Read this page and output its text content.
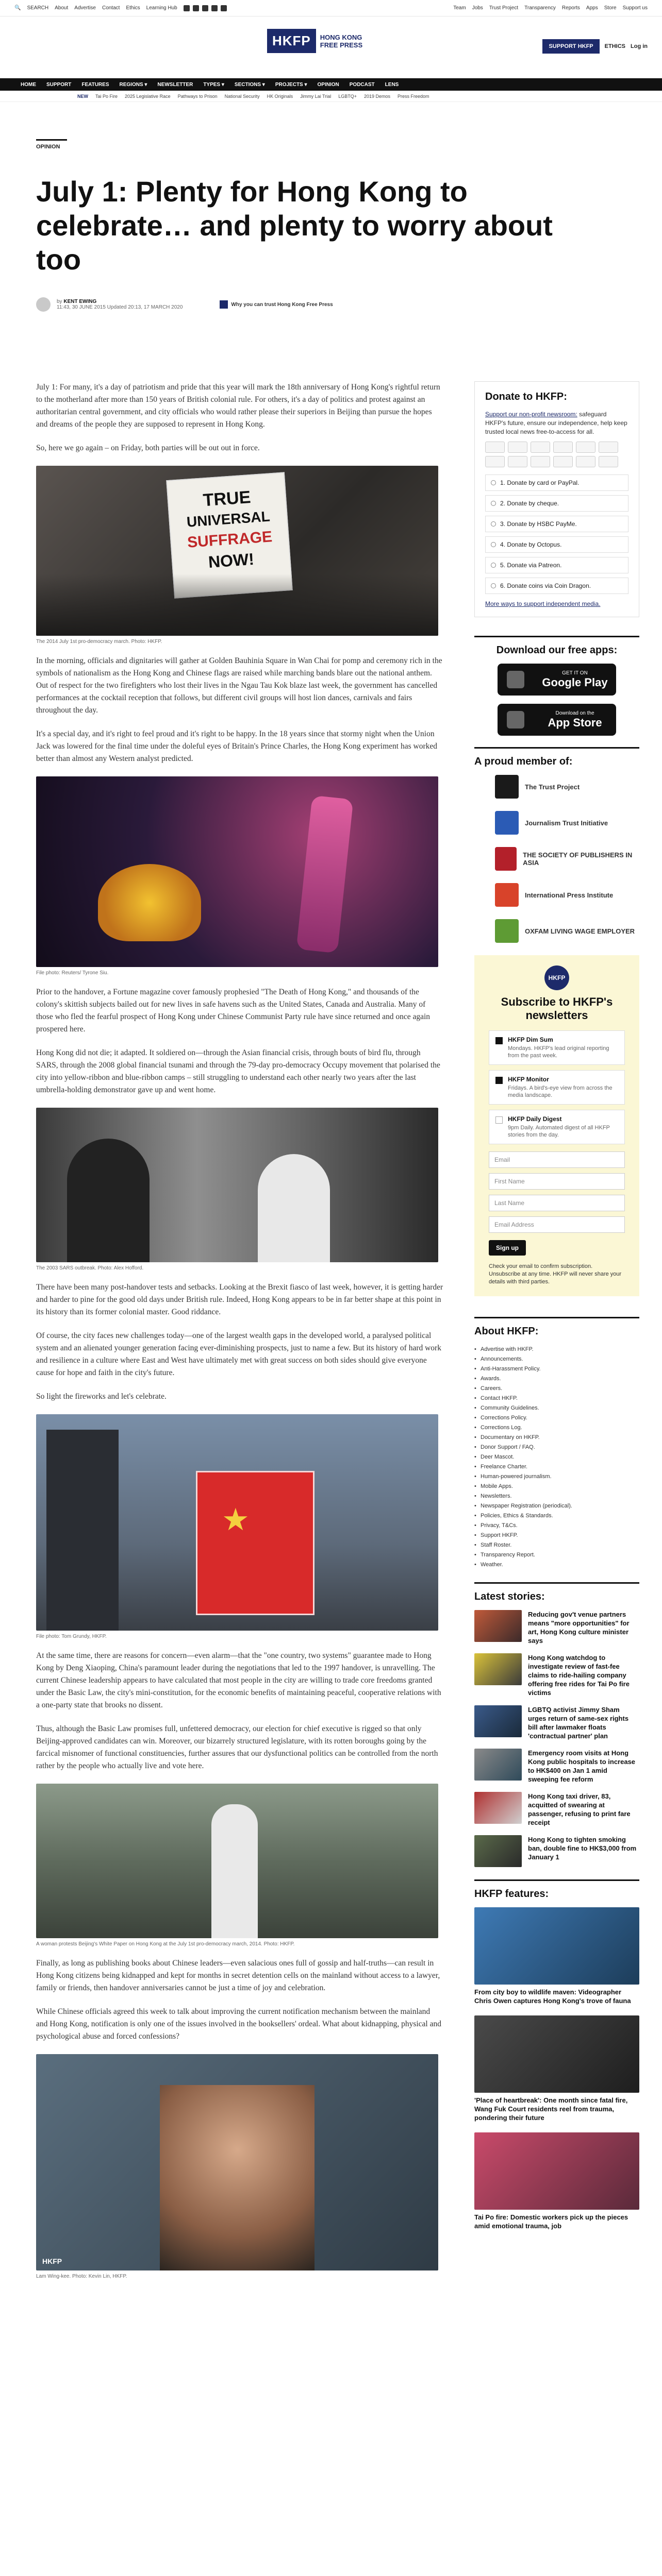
🔍 SEARCH About Advertise Contact Ethics Learning Hub	Team Jobs Trust Project Transparency Reports Apps Store Support us
HKFP	HONG KONG
FREE PRESS	SUPPORT HKFP	ETHICS Log in
HOME SUPPORT FEATURES REGIONS ▾ NEWSLETTER TYPES ▾ SECTIONS ▾ PROJECTS ▾ OPINION PODCAST LENS
NEW Tai Po Fire 2025 Legislative Race Pathways to Prison National Security HK Originals Jimmy Lai Trial LGBTQ+ 2019 Demos Press Freedom
OPINION
July 1: Plenty for Hong Kong to celebrate… and plenty to worry about too
by KENT EWING
11:43, 30 JUNE 2015 Updated 20:13, 17 MARCH 2020	Why you can trust Hong Kong Free Press

July 1: For many, it's a day of patriotism and pride that this year will mark the 18th anniversary of Hong Kong's rightful return to the motherland after more than 150 years of British colonial rule. For others, it's a day of politics and protest against an authoritarian central government, and city officials who would rather please their superiors in Beijing than pursue the hopes and dreams of the people they are supposed to represent in Hong Kong.

So, here we go again – on Friday, both parties will be out out in force.

TRUE
UNIVERSAL
SUFFRAGE
NOW!
The 2014 July 1st pro-democracy march. Photo: HKFP.

In the morning, officials and dignitaries will gather at Golden Bauhinia Square in Wan Chai for pomp and ceremony rich in the symbols of nationalism as the Hong Kong and Chinese flags are raised while marching bands blare out the national anthem. Out of respect for the two firefighters who lost their lives in the Ngau Tau Kok blaze last week, the government has cancelled performances at the cocktail reception that follows, but different civil groups will host lion dances, carnivals and fairs throughout the day.

It's a special day, and it's right to feel proud and it's right to be happy. In the 18 years since that stormy night when the Union Jack was lowered for the final time under the doleful eyes of Britain's Prince Charles, the Hong Kong experiment has worked better than almost any Western analyst predicted.

File photo: Reuters/ Tyrone Siu.

Prior to the handover, a Fortune magazine cover famously prophesied "The Death of Hong Kong," and thousands of the colony's skittish subjects bailed out for new lives in safe havens such as the United States, Canada and Australia. Many of those who fled the fearful prospect of Hong Kong under Chinese Communist Party rule have since returned and once again prospered here.

Hong Kong did not die; it adapted. It soldiered on—through the Asian financial crisis, through bouts of bird flu, through SARS, through the 2008 global financial tsunami and through the 79-day pro-democracy Occupy movement that polarised the city into yellow-ribbon and blue-ribbon camps – still struggling to understand each other nearly two years after the last umbrella-holding demonstrator gave up and went home.

The 2003 SARS outbreak. Photo: Alex Hofford.

There have been many post-handover tests and setbacks. Looking at the Brexit fiasco of last week, however, it is getting harder and harder to pine for the good old days under British rule. Indeed, Hong Kong appears to be in far better shape at this point in its history than its former colonial master. Good riddance.

Of course, the city faces new challenges today—one of the largest wealth gaps in the developed world, a paralysed political system and an alienated younger generation facing ever-diminishing prospects, just to name a few. But its history of hard work and resilience in a culture where East and West have ultimately met with great success on both sides should give everyone cause for hope and faith in the city's future.

So light the fireworks and let's celebrate.

★
File photo: Tom Grundy, HKFP.

At the same time, there are reasons for concern—even alarm—that the "one country, two systems" guarantee made to Hong Kong by Deng Xiaoping, China's paramount leader during the negotiations that led to the 1997 handover, is unravelling. The current Chinese leadership appears to have calculated that most people in the city are willing to trade core freedoms granted under the Basic Law, the city's mini-constitution, for the economic benefits of maintaining peaceful, cooperative relations with a one-party state that brooks no dissent.

Thus, although the Basic Law promises full, unfettered democracy, our election for chief executive is rigged so that only Beijing-approved candidates can win. Moreover, our bizarrely structured legislature, with its rotten boroughs going by the farcical misnomer of functional constituencies, further assures that our dysfunctional politics can be controlled from the north rather by the people who actually live and vote here.

A woman protests Beijing's White Paper on Hong Kong at the July 1st pro-democracy march, 2014. Photo: HKFP.

Finally, as long as publishing books about Chinese leaders—even salacious ones full of gossip and half-truths—can result in Hong Kong citizens being kidnapped and kept for months in secret detention cells on the mainland without access to a lawyer, family or friends, then handover anniversaries cannot be just a time of joy and celebration.

While Chinese officials agreed this week to talk about improving the current notification mechanism between the mainland and Hong Kong, notification is only one of the issues involved in the booksellers' ordeal. What about kidnapping, physical and psychological abuse and forced confessions?

HKFP
Lam Wing-kee. Photo: Kevin Lin, HKFP.
Donate to HKFP:

Support our non-profit newsroom: safeguard HKFP's future, ensure our independence, help keep trusted local news free-to-access for all.

1. Donate by card or PayPal.
2. Donate by cheque.
3. Donate by HSBC PayMe.
4. Donate by Octopus.
5. Donate via Patreon.
6. Donate coins via Coin Dragon.
More ways to support independent media.
Download our free apps:
GET IT ON
Google Play
Download on the
App Store
A proud member of:
The Trust Project
Journalism Trust Initiative
THE SOCIETY OF PUBLISHERS IN ASIA
International Press Institute
OXFAM LIVING WAGE EMPLOYER
HKFP
Subscribe to HKFP's newsletters
HKFP Dim Sum
Mondays. HKFP's lead original reporting from the past week.
HKFP Monitor
Fridays. A bird's-eye view from across the media landscape.
HKFP Daily Digest
9pm Daily. Automated digest of all HKFP stories from the day.
Email
First Name
Last Name
Email Address
Sign up
Check your email to confirm subscription. Unsubscribe at any time. HKFP will never share your details with third parties.
About HKFP:
• Advertise with HKFP.
• Announcements.
• Anti-Harassment Policy.
• Awards.
• Careers.
• Contact HKFP.
• Community Guidelines.
• Corrections Policy.
• Corrections Log.
• Documentary on HKFP.
• Donor Support / FAQ.
• Deer Mascot.
• Freelance Charter.
• Human-powered journalism.
• Mobile Apps.
• Newsletters.
• Newspaper Registration (periodical).
• Policies, Ethics & Standards.
• Privacy, T&Cs.
• Support HKFP.
• Staff Roster.
• Transparency Report.
• Weather.
Latest stories:
Reducing gov't venue partners means "more opportunities" for art, Hong Kong culture minister says
Hong Kong watchdog to investigate review of fast-fee claims to ride-hailing company offering free rides for Tai Po fire victims
LGBTQ activist Jimmy Sham urges return of same-sex rights bill after lawmaker floats 'contractual partner' plan
Emergency room visits at Hong Kong public hospitals to increase to HK$400 on Jan 1 amid sweeping fee reform
Hong Kong taxi driver, 83, acquitted of swearing at passenger, refusing to print fare receipt
Hong Kong to tighten smoking ban, double fine to HK$3,000 from January 1
HKFP features:
From city boy to wildlife maven: Videographer Chris Owen captures Hong Kong's trove of fauna
'Place of heartbreak': One month since fatal fire, Wang Fuk Court residents reel from trauma, pondering their future
Tai Po fire: Domestic workers pick up the pieces amid emotional trauma, job
